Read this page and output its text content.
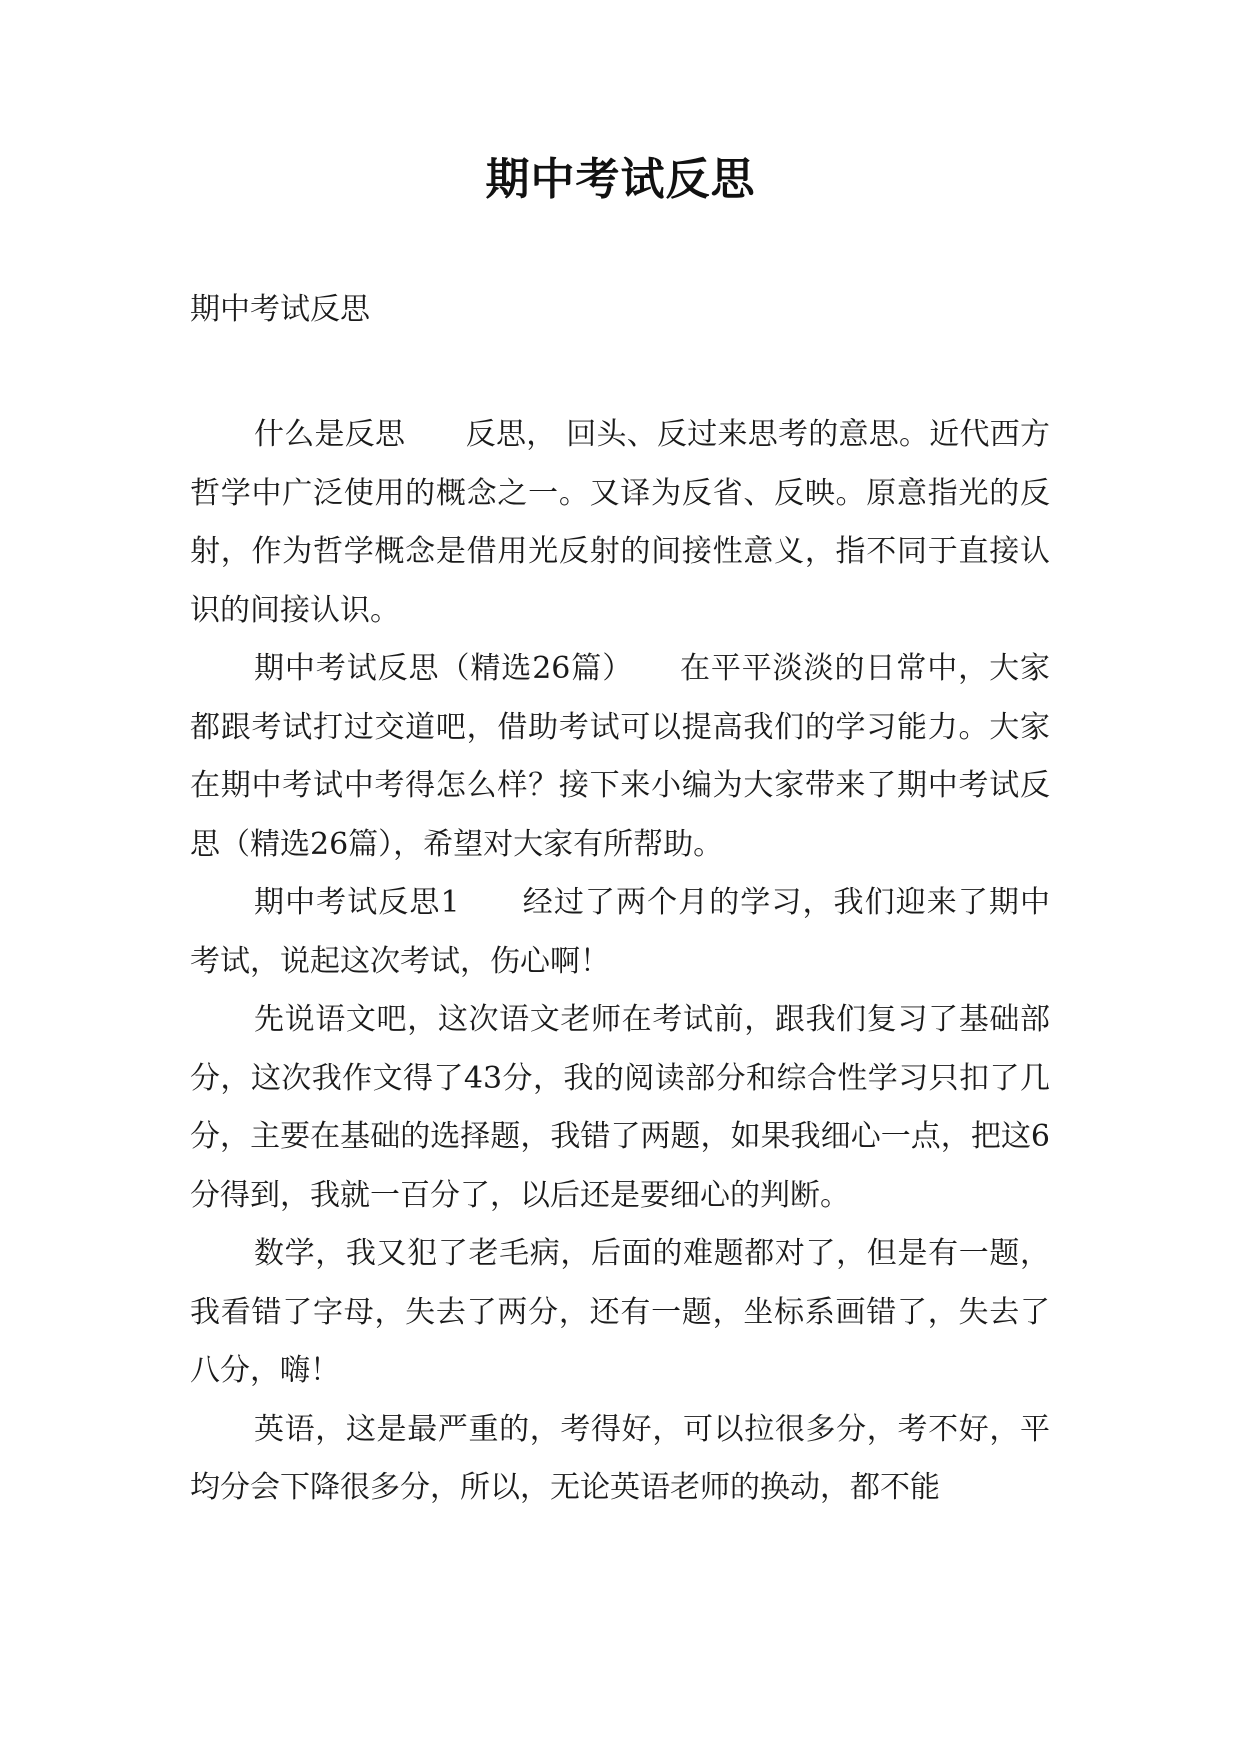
期中考试反思

期中考试反思

什么是反思　　反思， 回头、反过来思考的意思。近代西方哲学中广泛使用的概念之一。又译为反省、反映。原意指光的反射，作为哲学概念是借用光反射的间接性意义，指不同于直接认识的间接认识。

期中考试反思（精选26篇）　　在平平淡淡的日常中，大家都跟考试打过交道吧，借助考试可以提高我们的学习能力。大家在期中考试中考得怎么样？接下来小编为大家带来了期中考试反思（精选26篇），希望对大家有所帮助。

期中考试反思1　　经过了两个月的学习，我们迎来了期中考试，说起这次考试，伤心啊！

先说语文吧，这次语文老师在考试前，跟我们复习了基础部分，这次我作文得了43分，我的阅读部分和综合性学习只扣了几分，主要在基础的选择题，我错了两题，如果我细心一点，把这6分得到，我就一百分了，以后还是要细心的判断。

数学，我又犯了老毛病，后面的难题都对了，但是有一题，我看错了字母，失去了两分，还有一题，坐标系画错了，失去了八分，嗨！

英语，这是最严重的，考得好，可以拉很多分，考不好，平均分会下降很多分，所以，无论英语老师的换动，都不能
